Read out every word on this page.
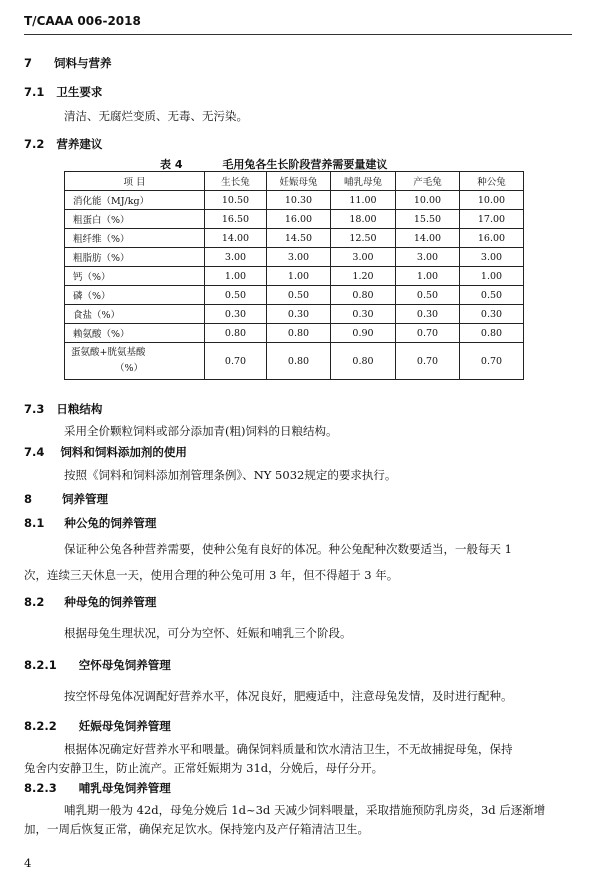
T/CAAA 006-2018
7 饲料与营养
7.1 卫生要求
清洁、无腐烂变质、无毒、无污染。
7.2 营养建议
表 4	毛用兔各生长阶段营养需要量建议
项 目	生长兔	妊娠母兔	哺乳母兔	产毛兔	种公兔
消化能（MJ/kg）	10.50	10.30	11.00	10.00	10.00
粗蛋白（%）	16.50	16.00	18.00	15.50	17.00
粗纤维（%）	14.00	14.50	12.50	14.00	16.00
粗脂肪（%）	3.00	3.00	3.00	3.00	3.00
钙（%）	1.00	1.00	1.20	1.00	1.00
磷（%）	0.50	0.50	0.80	0.50	0.50
食盐（%）	0.30	0.30	0.30	0.30	0.30
赖氨酸（%）	0.80	0.80	0.90	0.70	0.80

蛋氨酸+胱氨基酸
（%）	0.70	0.80	0.80	0.70	0.70
7.3 日粮结构
采用全价颗粒饲料或部分添加青(粗)饲料的日粮结构。
7.4 饲料和饲料添加剂的使用
按照《饲料和饲料添加剂管理条例》、NY 5032规定的要求执行。
8	饲养管理
8.1 种公兔的饲养管理
保证种公兔各种营养需要，使种公兔有良好的体况。种公兔配种次数要适当，一般每天 1
次，连续三天休息一天，使用合理的种公兔可用 3 年，但不得超于 3 年。
8.2 种母兔的饲养管理
根据母兔生理状况，可分为空怀、妊娠和哺乳三个阶段。
8.2.1 空怀母兔饲养管理
按空怀母兔体况调配好营养水平，体况良好，肥瘦适中，注意母兔发情，及时进行配种。
8.2.2 妊娠母兔饲养管理
根据体况确定好营养水平和喂量。确保饲料质量和饮水清洁卫生，不无故捕捉母兔，保持
兔舍内安静卫生，防止流产。正常妊娠期为 31d，分娩后，母仔分开。
8.2.3 哺乳母兔饲养管理
哺乳期一般为 42d，母兔分娩后 1d~3d 天减少饲料喂量，采取措施预防乳房炎，3d 后逐渐增
加，一周后恢复正常，确保充足饮水。保持笼内及产仔箱清洁卫生。
4
